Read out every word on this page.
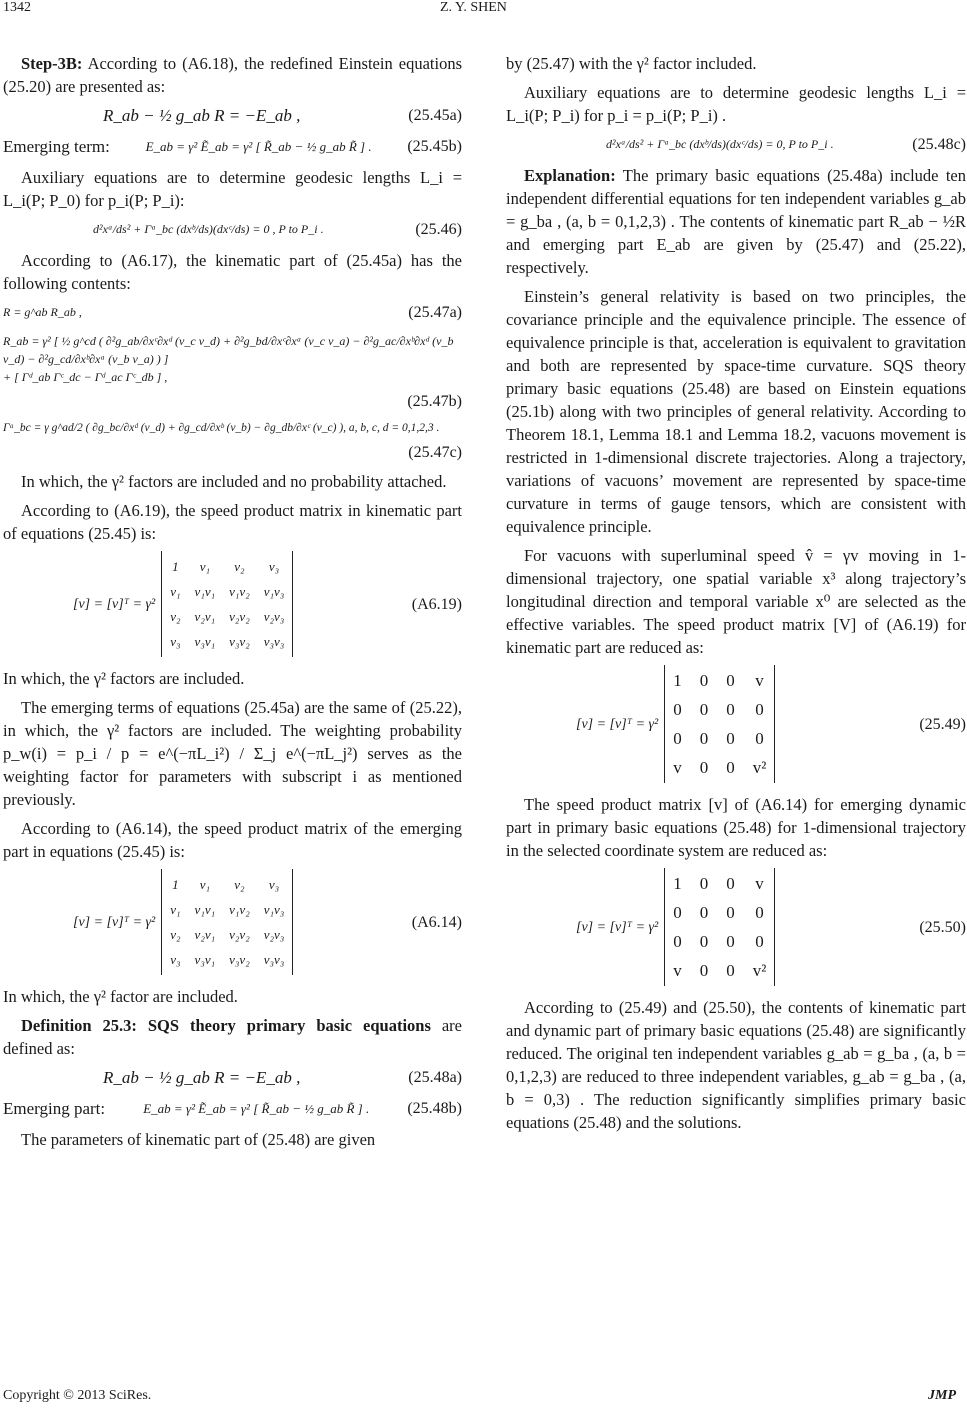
1342	Z. Y. SHEN

Step-3B: According to (A6.18), the redefined Einstein equations (25.20) are presented as:

R_ab − ½ g_ab R = −E_ab ,	(25.45a)
Emerging term:	E_ab = γ² Ẽ_ab = γ² [ R̃_ab − ½ g_ab R̃ ] . (25.45b)

Auxiliary equations are to determine geodesic lengths L_i = L_i(P; P_0) for p_i(P; P_i):

d²xᵃ/ds² + Γᵃ_bc (dxᵇ/ds)(dxᶜ/ds) = 0 , P to P_i .	(25.46)

According to (A6.17), the kinematic part of (25.45a) has the following contents:

R = g^ab R_ab ,	(25.47a)
R_ab = γ² [ ½ g^cd ( ∂²g_ab/∂xᶜ∂xᵈ (v_c v_d) + ∂²g_bd/∂xᶜ∂xᵃ (v_c v_a) − ∂²g_ac/∂xᵇ∂xᵈ (v_b v_d) − ∂²g_cd/∂xᵇ∂xᵃ (v_b v_a) ) ]
+ [ Γᵈ_ab Γᶜ_dc − Γᵈ_ac Γᶜ_db ] ,
(25.47b)
Γᵃ_bc = γ g^ad/2 ( ∂g_bc/∂xᵈ (v_d) + ∂g_cd/∂xᵇ (v_b) − ∂g_db/∂xᶜ (v_c) ), a, b, c, d = 0,1,2,3 .
(25.47c)

In which, the γ² factors are included and no probability attached.

According to (A6.19), the speed product matrix in kinematic part of equations (25.45) is:

[v] = [v]ᵀ = γ²
1	v₁	v₂	v₃
v₁ v₁v₁ v₁v₂ v₁v₃
v₂ v₂v₁ v₂v₂ v₂v₃
v₃ v₃v₁ v₃v₂ v₃v₃
(A6.19)

In which, the γ² factors are included.

The emerging terms of equations (25.45a) are the same of (25.22), in which, the γ² factors are included. The weighting probability p_w(i) = p_i / p = e^(−πL_i²) / Σ_j e^(−πL_j²) serves as the weighting factor for parameters with subscript i as mentioned previously.

According to (A6.14), the speed product matrix of the emerging part in equations (25.45) is:

[v] = [v]ᵀ = γ²
1	v₁	v₂	v₃
v₁ v₁v₁ v₁v₂ v₁v₃
v₂ v₂v₁ v₂v₂ v₂v₃
v₃ v₃v₁ v₃v₂ v₃v₃
(A6.14)

In which, the γ² factor are included.

Definition 25.3: SQS theory primary basic equations are defined as:

R_ab − ½ g_ab R = −E_ab ,	(25.48a)
Emerging part:	E_ab = γ² Ẽ_ab = γ² [ R̃_ab − ½ g_ab R̃ ] . (25.48b)

The parameters of kinematic part of (25.48) are given

by (25.47) with the γ² factor included.

Auxiliary equations are to determine geodesic lengths L_i = L_i(P; P_i) for p_i = p_i(P; P_i) .

d²xᵃ/ds² + Γᵃ_bc (dxᵇ/ds)(dxᶜ/ds) = 0, P to P_i .	(25.48c)

Explanation: The primary basic equations (25.48a) include ten independent differential equations for ten independent variables g_ab = g_ba , (a, b = 0,1,2,3) . The contents of kinematic part R_ab − ½R and emerging part E_ab are given by (25.47) and (25.22), respectively.

Einstein’s general relativity is based on two principles, the covariance principle and the equivalence principle. The essence of equivalence principle is that, acceleration is equivalent to gravitation and both are represented by space-time curvature. SQS theory primary basic equations (25.48) are based on Einstein equations (25.1b) along with two principles of general relativity. According to Theorem 18.1, Lemma 18.1 and Lemma 18.2, vacuons movement is restricted in 1-dimensional discrete trajectories. Along a trajectory, variations of vacuons’ movement are represented by space-time curvature in terms of gauge tensors, which are consistent with equivalence principle.

For vacuons with superluminal speed v̂ = γv moving in 1-dimensional trajectory, one spatial variable x³ along trajectory’s longitudinal direction and temporal variable x⁰ are selected as the effective variables. The speed product matrix [V] of (A6.19) for kinematic part are reduced as:

[v] = [v]ᵀ = γ²
1 0 0 v
0 0 0 0
0 0 0 0
v 0 0 v²
(25.49)

The speed product matrix [v] of (A6.14) for emerging dynamic part in primary basic equations (25.48) for 1-dimensional trajectory in the selected coordinate system are reduced as:

[v] = [v]ᵀ = γ²
1 0 0 v
0 0 0 0
0 0 0 0
v 0 0 v²
(25.50)

According to (25.49) and (25.50), the contents of kinematic part and dynamic part of primary basic equations (25.48) are significantly reduced. The original ten independent variables g_ab = g_ba , (a, b = 0,1,2,3) are reduced to three independent variables, g_ab = g_ba , (a, b = 0,3) . The reduction significantly simplifies primary basic equations (25.48) and the solutions.

Copyright © 2013 SciRes.	JMP
